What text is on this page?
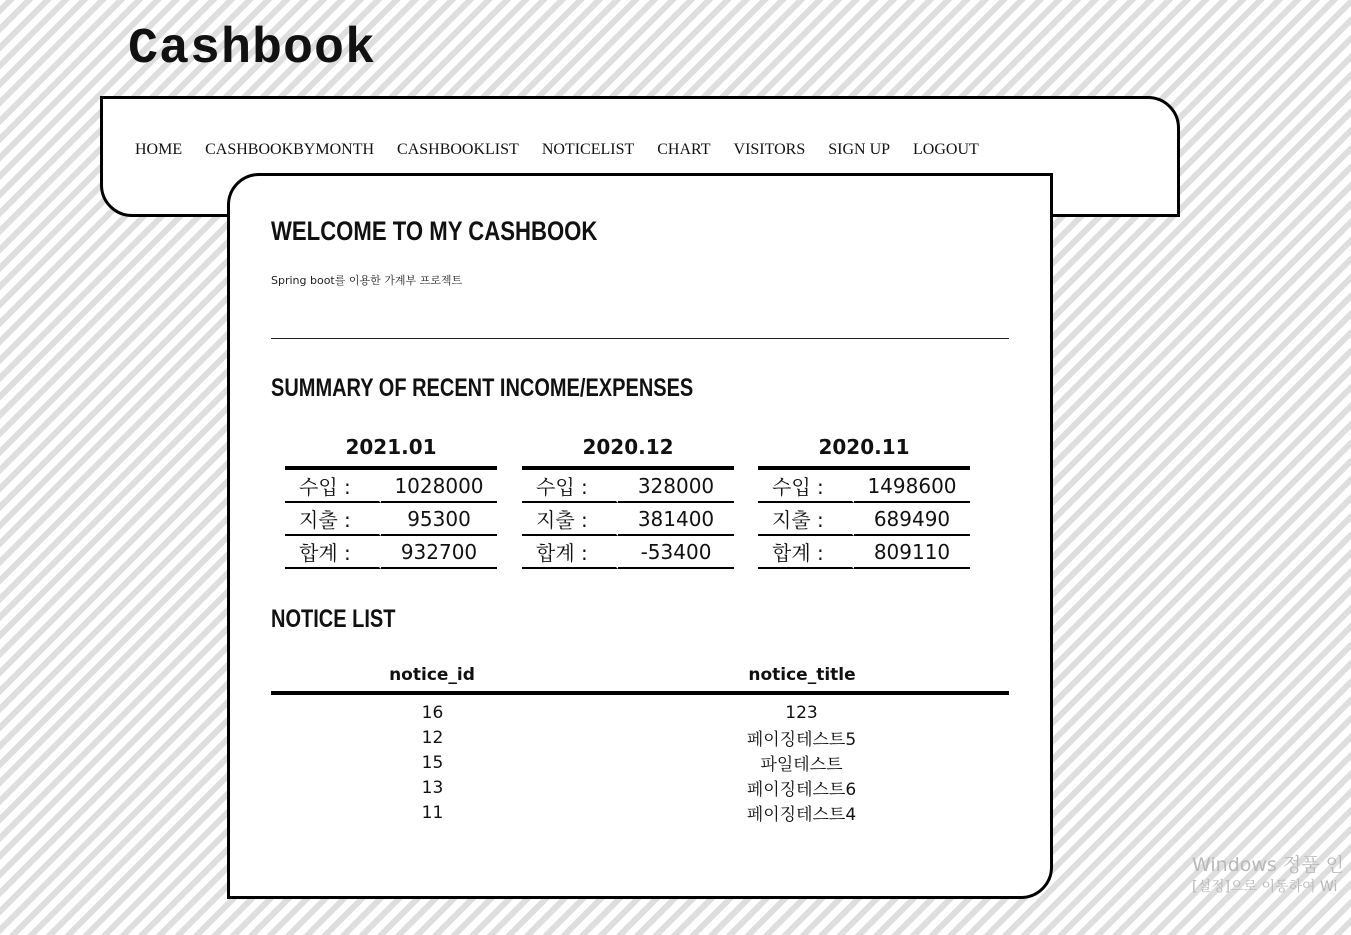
Cashbook
HOME CASHBOOKBYMONTH CASHBOOKLIST NOTICELIST CHART VISITORS SIGN UP LOGOUT
WELCOME TO MY CASHBOOK

Spring boot를 이용한 가계부 프로젝트

SUMMARY OF RECENT INCOME/EXPENSES
2021.01
수입 :	1028000
지출 :	95300
합계 :	932700
2020.12
수입 :	328000
지출 :	381400
합계 :	-53400
2020.11
수입 :	1498600
지출 :	689490
합계 :	809110
NOTICE LIST
notice_id	notice_title
16	123
12	페이징테스트5
15	파일테스트
13	페이징테스트6
11	페이징테스트4
Windows 정품 인
[설정]으로 이동하여 Wi
